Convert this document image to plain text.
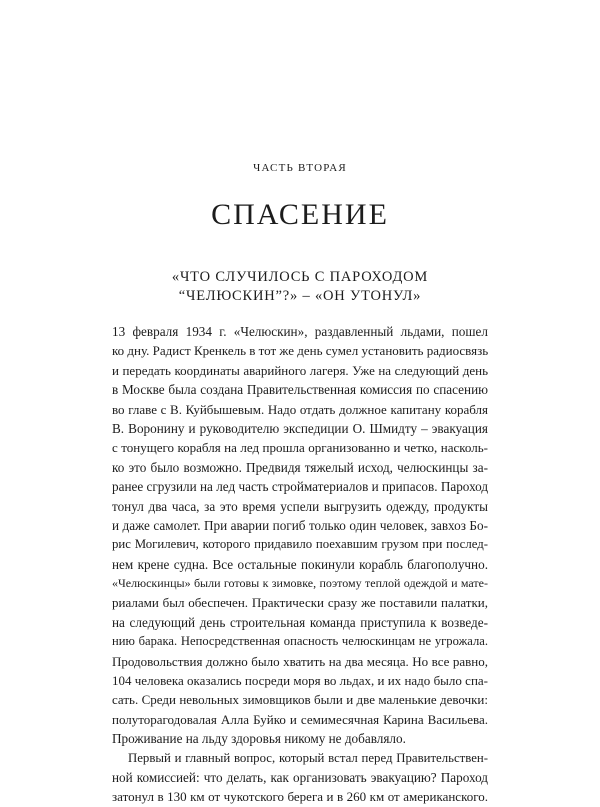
ЧАСТЬ ВТОРАЯ
СПАСЕНИЕ
«ЧТО СЛУЧИЛОСЬ С ПАРОХОДОМ
“ЧЕЛЮСКИН”?» – «ОН УТОНУЛ»
13 февраля 1934 г. «Челюскин», раздавленный льдами, пошел
ко дну. Радист Кренкель в тот же день сумел установить радиосвязь
и передать координаты аварийного лагеря. Уже на следующий день
в Москве была создана Правительственная комиссия по спасению
во главе с В. Куйбышевым. Надо отдать должное капитану корабля
В. Воронину и руководителю экспедиции О. Шмидту – эвакуация
с тонущего корабля на лед прошла организованно и четко, насколь-
ко это было возможно. Предвидя тяжелый исход, челюскинцы за-
ранее сгрузили на лед часть стройматериалов и припасов. Пароход
тонул два часа, за это время успели выгрузить одежду, продукты
и даже самолет. При аварии погиб только один человек, завхоз Бо-
рис Могилевич, которого придавило поехавшим грузом при послед-
нем крене судна. Все остальные покинули корабль благополучно.
«Челюскинцы» были готовы к зимовке, поэтому теплой одеждой и мате-
риалами был обеспечен. Практически сразу же поставили палатки,
на следующий день строительная команда приступила к возведе-
нию барака. Непосредственная опасность челюскинцам не угрожала.
Продовольствия должно было хватить на два месяца. Но все равно,
104 человека оказались посреди моря во льдах, и их надо было спа-
сать. Среди невольных зимовщиков были и две маленькие девочки:
полуторагодовалая Алла Буйко и семимесячная Карина Васильева.
Проживание на льду здоровья никому не добавляло.
Первый и главный вопрос, который встал перед Правительствен-
ной комиссией: что делать, как организовать эвакуацию? Пароход
затонул в 130 км от чукотского берега и в 260 км от американского.
